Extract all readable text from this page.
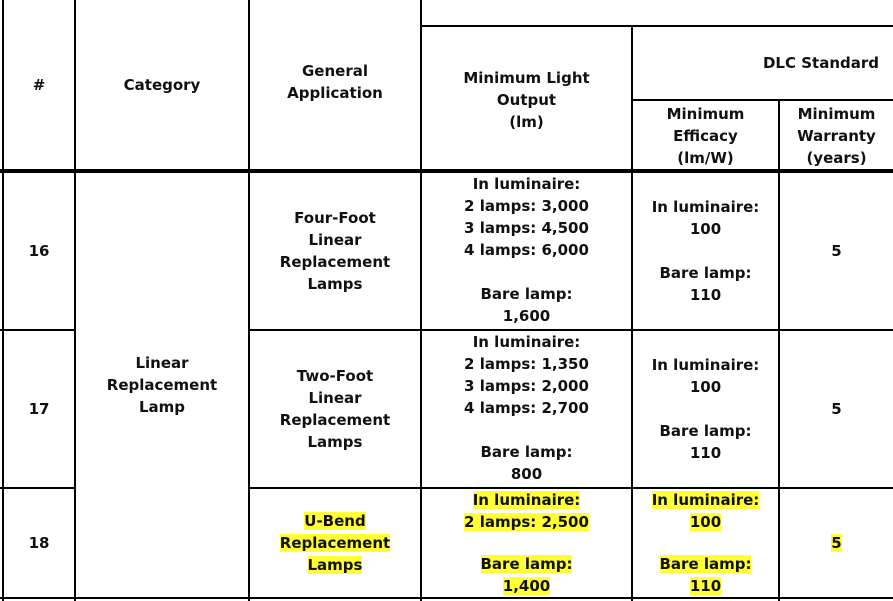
#	Category
General
Application
Minimum Light
Output
(lm)
DLC Standard
Minimum
Efficacy
(lm/W)
Minimum
Warranty
(years)
Linear
Replacement
Lamp
16
Four-Foot
Linear
Replacement
Lamps
In luminaire:
2 lamps: 3,000
3 lamps: 4,500
4 lamps: 6,000
Bare lamp:
1,600
In luminaire:
100
Bare lamp:
110
5
17
Two-Foot
Linear
Replacement
Lamps
In luminaire:
2 lamps: 1,350
3 lamps: 2,000
4 lamps: 2,700
Bare lamp:
800
In luminaire:
100
Bare lamp:
110
5
18
U-Bend
Replacement
Lamps
In luminaire:
2 lamps: 2,500
Bare lamp:
1,400
In luminaire:
100
Bare lamp:
110
5
